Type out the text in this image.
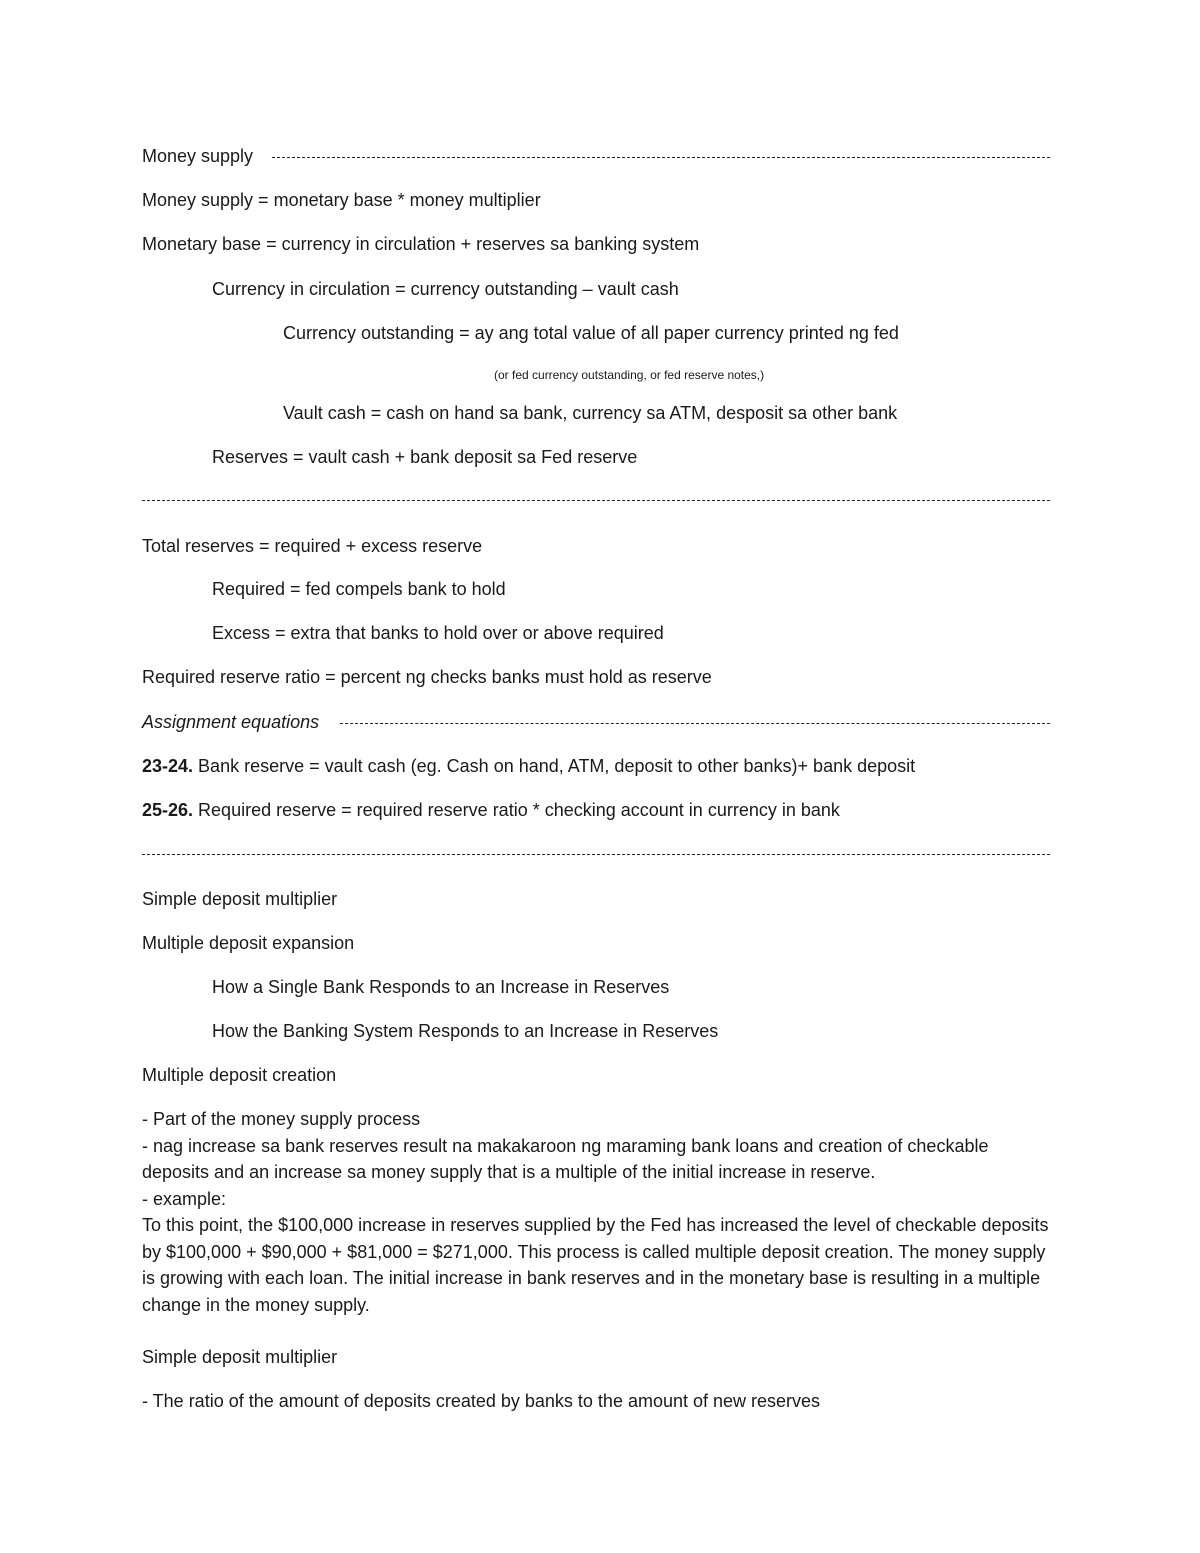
Money supply
Money supply = monetary base * money multiplier
Monetary base = currency in circulation + reserves sa banking system
Currency in circulation = currency outstanding – vault cash
Currency outstanding = ay ang total value of all paper currency printed ng fed
(or fed currency outstanding, or fed reserve notes,)
Vault cash = cash on hand sa bank, currency sa ATM, desposit sa other bank
Reserves = vault cash + bank deposit sa Fed reserve
Total reserves = required + excess reserve
Required = fed compels bank to hold
Excess = extra that banks to hold over or above required
Required reserve ratio = percent ng checks banks must hold as reserve
Assignment equations
23-24. Bank reserve = vault cash (eg. Cash on hand, ATM, deposit to other banks)+ bank deposit
25-26. Required reserve = required reserve ratio * checking account in currency in bank
Simple deposit multiplier
Multiple deposit expansion
How a Single Bank Responds to an Increase in Reserves
How the Banking System Responds to an Increase in Reserves
Multiple deposit creation

- Part of the money supply process

- nag increase sa bank reserves result na makakaroon ng maraming bank loans and creation of checkable deposits and an increase sa money supply that is a multiple of the initial increase in reserve.

- example:

To this point, the $100,000 increase in reserves supplied by the Fed has increased the level of checkable deposits by $100,000 + $90,000 + $81,000 = $271,000. This process is called multiple deposit creation. The money supply is growing with each loan. The initial increase in bank reserves and in the monetary base is resulting in a multiple change in the money supply.

Simple deposit multiplier
- The ratio of the amount of deposits created by banks to the amount of new reserves
